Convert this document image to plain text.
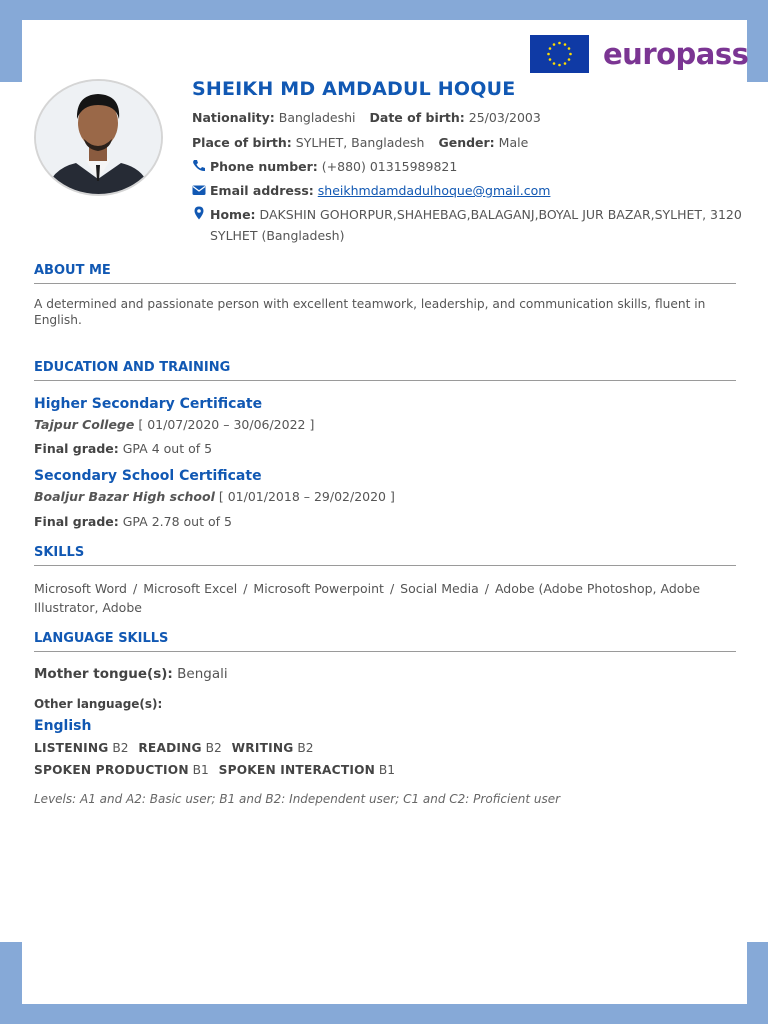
europass
SHEIKH MD AMDADUL HOQUE
Nationality: Bangladeshi Date of birth: 25/03/2003
Place of birth: SYLHET, Bangladesh Gender: Male
Phone number: (+880) 01315989821
Email address: sheikhmdamdadulhoque@gmail.com
Home: DAKSHIN GOHORPUR,SHAHEBAG,BALAGANJ,BOYAL JUR BAZAR,SYLHET, 3120
SYLHET (Bangladesh)
ABOUT ME
A determined and passionate person with excellent teamwork, leadership, and communication skills, fluent in English.
EDUCATION AND TRAINING
Higher Secondary Certificate
Tajpur College [ 01/07/2020 – 30/06/2022 ]
Final grade: GPA 4 out of 5
Secondary School Certificate
Boaljur Bazar High school [ 01/01/2018 – 29/02/2020 ]
Final grade: GPA 2.78 out of 5
SKILLS
Microsoft Word / Microsoft Excel / Microsoft Powerpoint / Social Media / Adobe (Adobe Photoshop, Adobe
Illustrator, Adobe
LANGUAGE SKILLS
Mother tongue(s): Bengali
Other language(s):
English
LISTENING B2 READING B2 WRITING B2
SPOKEN PRODUCTION B1 SPOKEN INTERACTION B1
Levels: A1 and A2: Basic user; B1 and B2: Independent user; C1 and C2: Proficient user
